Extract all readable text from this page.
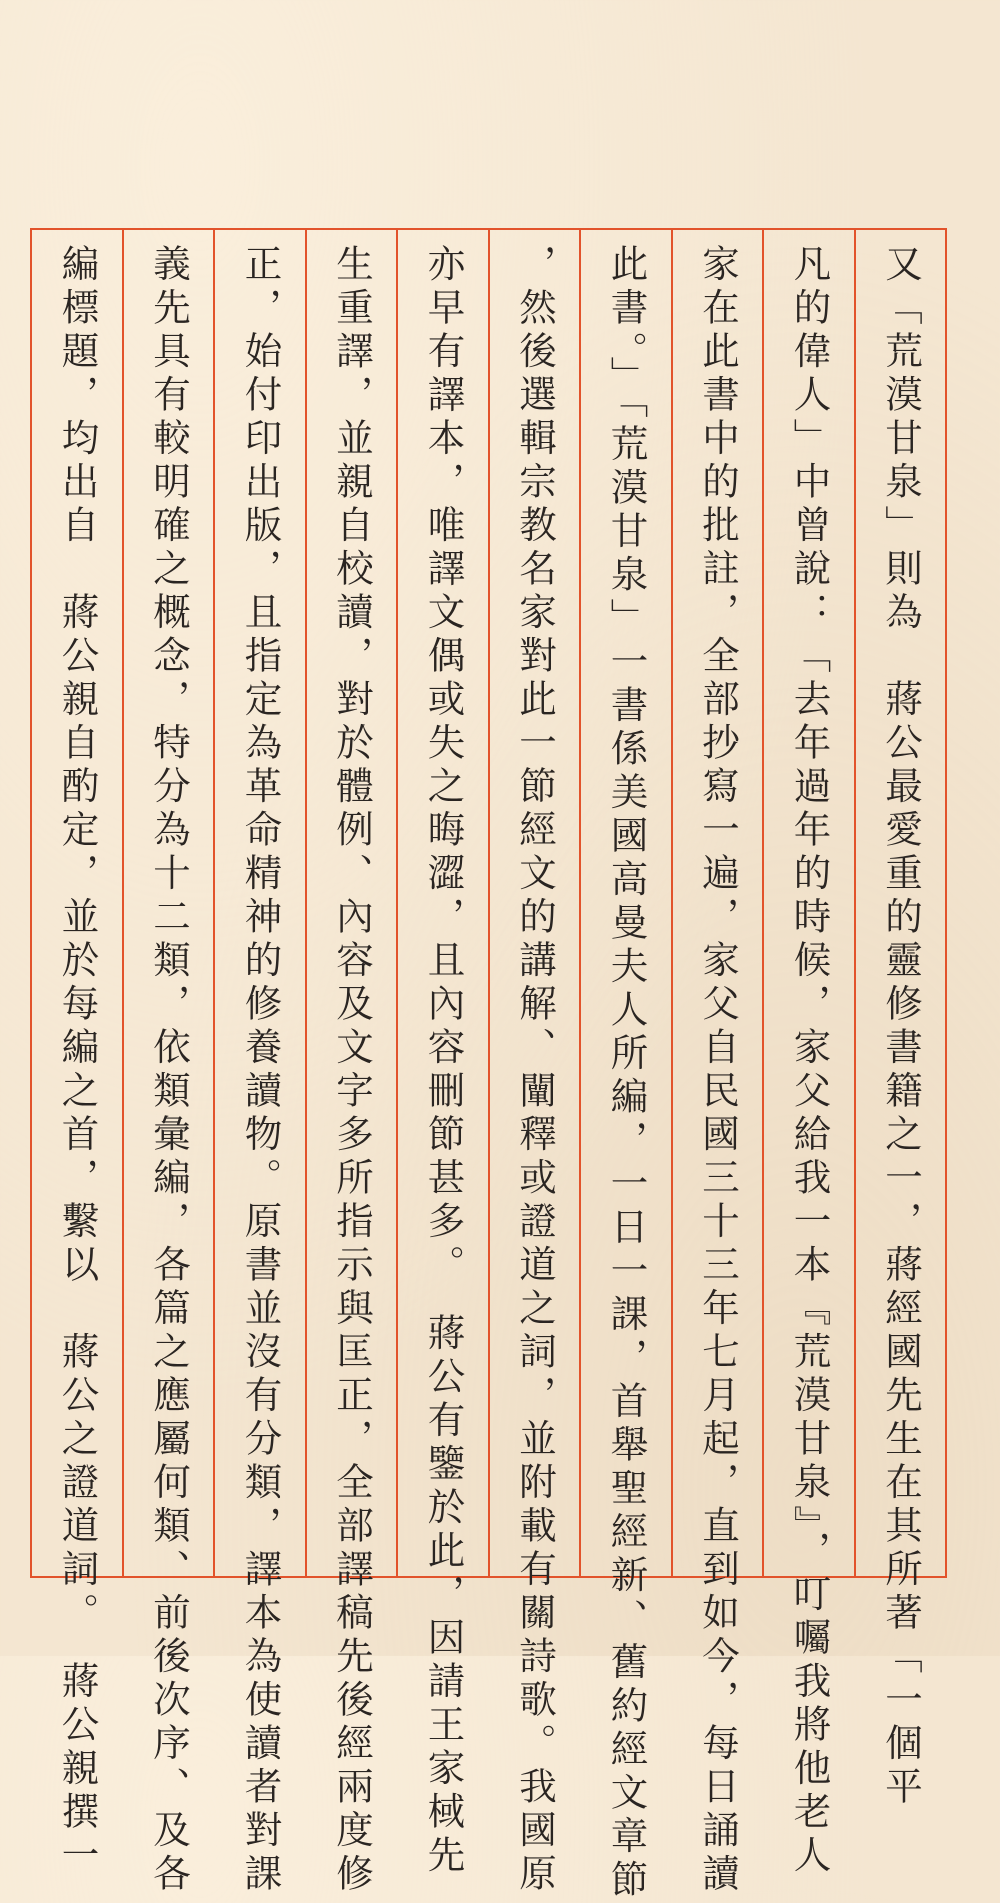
又「荒漠甘泉」則為　蔣公最愛重的靈修書籍之一，蔣經國先生在其所著「一個平
凡的偉人」中曾說：「去年過年的時候，家父給我一本『荒漠甘泉』，叮囑我將他老人
家在此書中的批註，全部抄寫一遍，家父自民國三十三年七月起，直到如今，每日誦讀
此書。」「荒漠甘泉」一書係美國高曼夫人所編，一日一課，首舉聖經新、舊約經文章節
，然後選輯宗教名家對此一節經文的講解、闡釋或證道之詞，並附載有關詩歌。我國原
亦早有譯本，唯譯文偶或失之晦澀，且內容刪節甚多。　蔣公有鑒於此，因請王家棫先
生重譯，並親自校讀，對於體例、內容及文字多所指示與匡正，全部譯稿先後經兩度修
正，始付印出版，且指定為革命精神的修養讀物。原書並沒有分類，譯本為使讀者對課
義先具有較明確之概念，特分為十二類，依類彙編，各篇之應屬何類、前後次序、及各
編標題，均出自　蔣公親自酌定，並於每編之首，繫以　蔣公之證道詞。　蔣公親撰一
